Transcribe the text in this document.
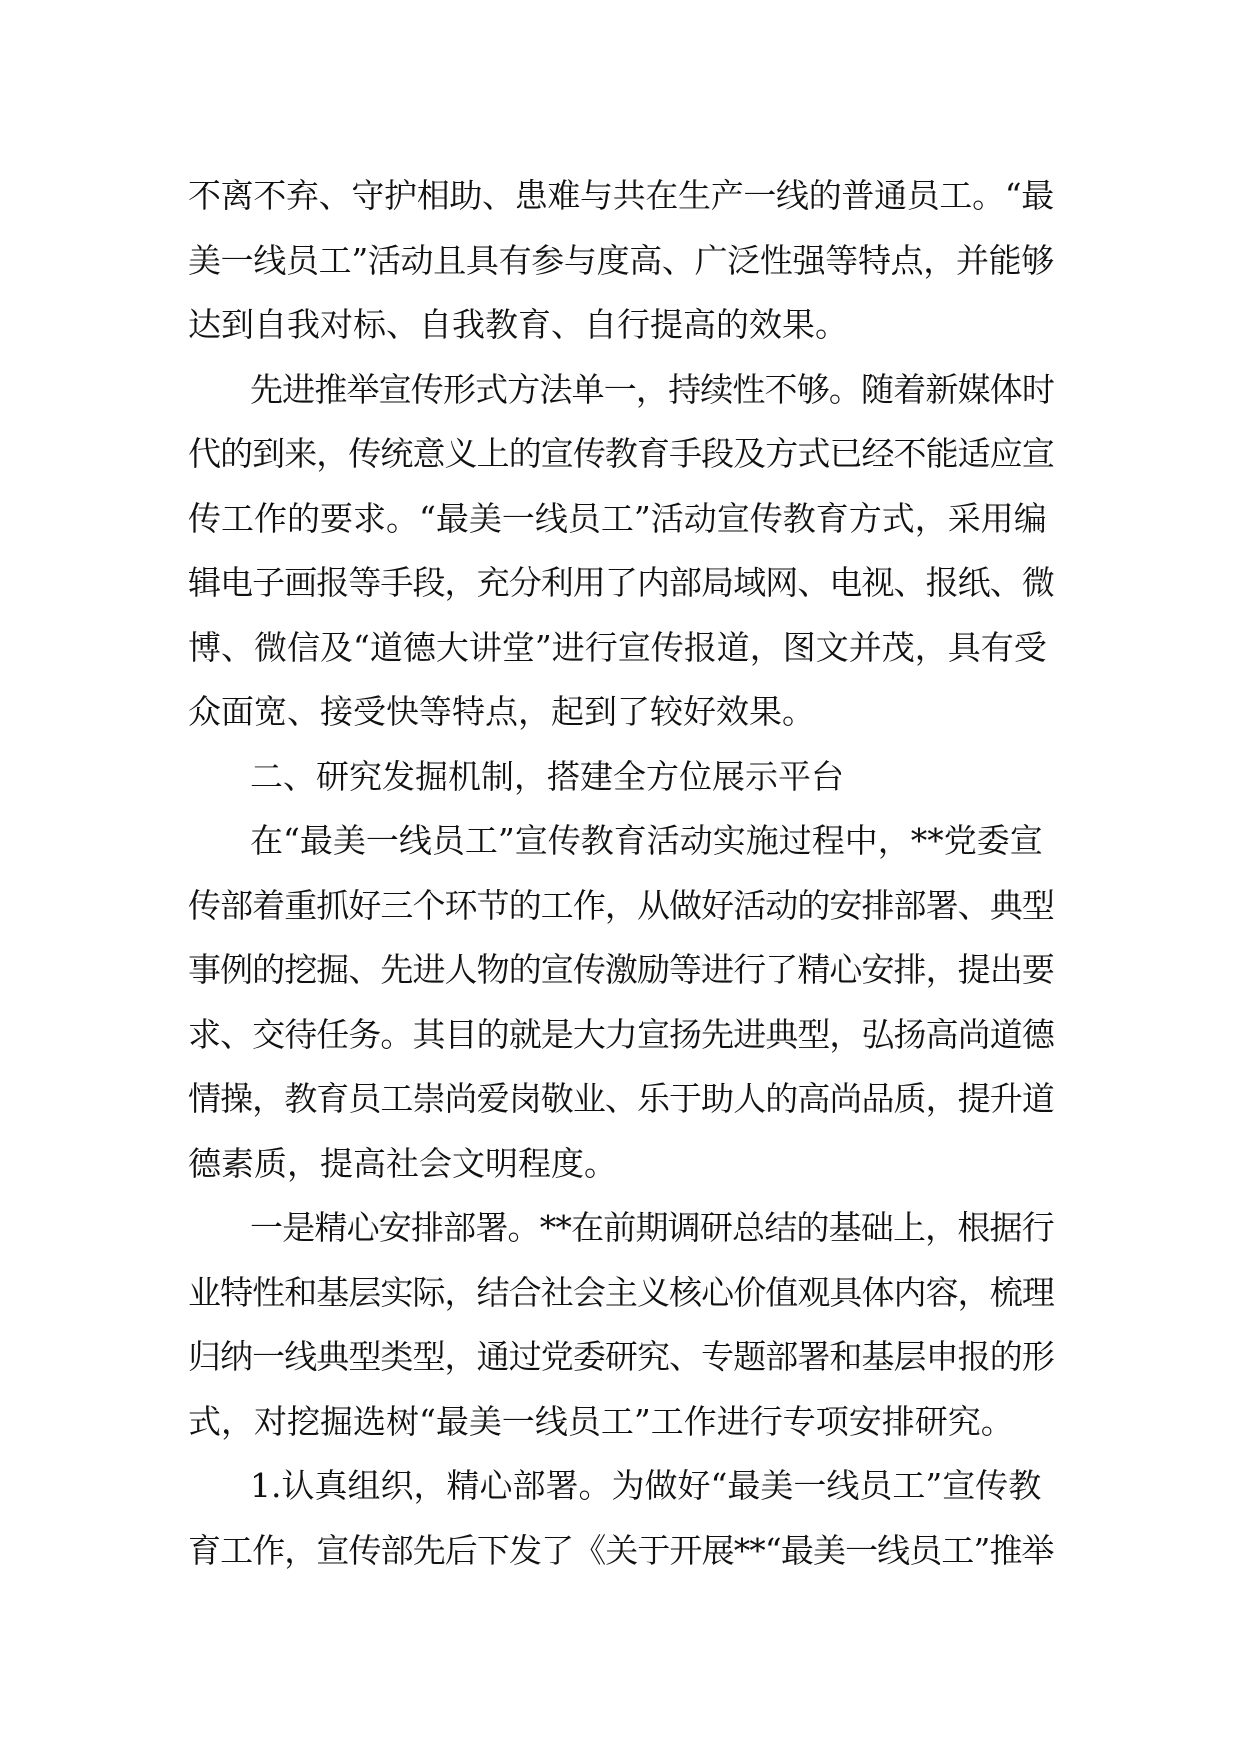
不离不弃、守护相助、患难与共在生产一线的普通员工。“最
美一线员工”活动且具有参与度高、广泛性强等特点，并能够
达到自我对标、自我教育、自行提高的效果。
先进推举宣传形式方法单一，持续性不够。随着新媒体时
代的到来，传统意义上的宣传教育手段及方式已经不能适应宣
传工作的要求。“最美一线员工”活动宣传教育方式，采用编
辑电子画报等手段，充分利用了内部局域网、电视、报纸、微
博、微信及“道德大讲堂”进行宣传报道，图文并茂，具有受
众面宽、接受快等特点，起到了较好效果。
二、研究发掘机制，搭建全方位展示平台
在“最美一线员工”宣传教育活动实施过程中，**党委宣
传部着重抓好三个环节的工作，从做好活动的安排部署、典型
事例的挖掘、先进人物的宣传激励等进行了精心安排，提出要
求、交待任务。其目的就是大力宣扬先进典型，弘扬高尚道德
情操，教育员工崇尚爱岗敬业、乐于助人的高尚品质，提升道
德素质，提高社会文明程度。
一是精心安排部署。**在前期调研总结的基础上，根据行
业特性和基层实际，结合社会主义核心价值观具体内容，梳理
归纳一线典型类型，通过党委研究、专题部署和基层申报的形
式，对挖掘选树“最美一线员工”工作进行专项安排研究。
1.认真组织，精心部署。为做好“最美一线员工”宣传教
育工作，宣传部先后下发了《关于开展**“最美一线员工”推举
